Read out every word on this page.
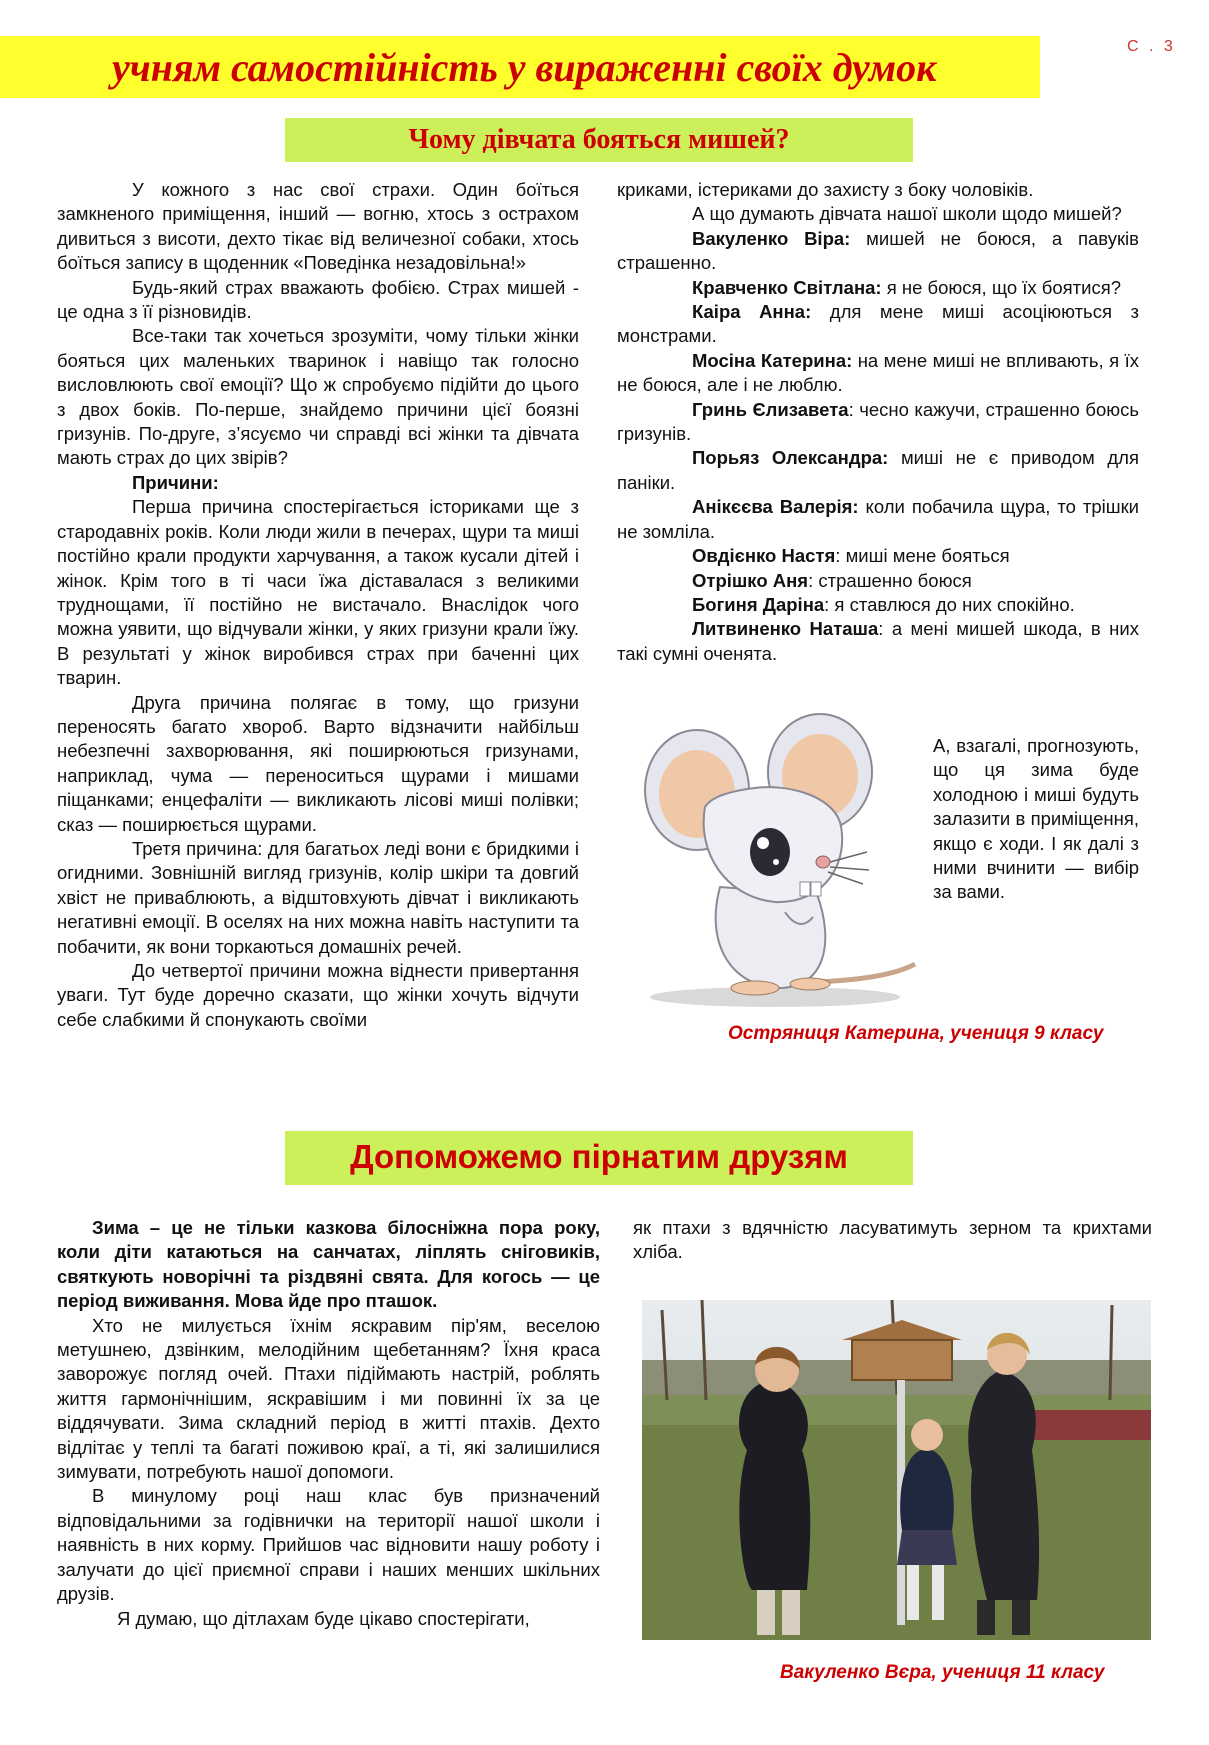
учням самостійність у вираженні своїх думок	С . 3
Чому дівчата бояться мишей?

У кожного з нас свої страхи. Один боїться замкненого приміщення, інший — вогню, хтось з острахом дивиться з висоти, дехто тікає від величезної собаки, хтось боїться запису в щоденник «Поведінка незадовільна!»

Будь-який страх вважають фобією. Страх мишей - це одна з її різновидів.

Все-таки так хочеться зрозуміти, чому тільки жінки бояться цих маленьких тваринок і навіщо так голосно висловлюють свої емоції? Що ж спробуємо підійти до цього з двох боків. По-перше, знайдемо причини цієї боязні гризунів. По-друге, з’ясуємо чи справді всі жінки та дівчата мають страх до цих звірів?

Причини:

Перша причина спостерігається істориками ще з стародавніх років. Коли люди жили в печерах, щури та миші постійно крали продукти харчування, а також кусали дітей і жінок. Крім того в ті часи їжа діставалася з великими труднощами, її постійно не вистачало. Внаслідок чого можна уявити, що відчували жінки, у яких гризуни крали їжу. В результаті у жінок виробився страх при баченні цих тварин.

Друга причина полягає в тому, що гризуни переносять багато хвороб. Варто відзначити найбільш небезпечні захворювання, які поширюються гризунами, наприклад, чума — переноситься щурами і мишами піщанками; енцефаліти — викликають лісові миші полівки; сказ — поширюється щурами.

Третя причина: для багатьох леді вони є бридкими і огидними. Зовнішній вигляд гризунів, колір шкіри та довгий хвіст не приваблюють, а відштовхують дівчат і викликають негативні емоції. В оселях на них можна навіть наступити та побачити, як вони торкаються домашніх речей.

До четвертої причини можна віднести привертання уваги. Тут буде доречно сказати, що жінки хочуть відчути себе слабкими й спонукають своїми

криками, істериками до захисту з боку чоловіків.

А що думають дівчата нашої школи щодо мишей?

Вакуленко Віра: мишей не боюся, а павуків страшенно.

Кравченко Світлана: я не боюся, що їх боятися?

Каіра Анна: для мене миші асоціюються з монстрами.

Мосіна Катерина: на мене миші не впливають, я їх не боюся, але і не люблю.

Гринь Єлизавета: чесно кажучи, страшенно боюсь гризунів.

Порьяз Олександра: миші не є приводом для паніки.

Анікєєва Валерія: коли побачила щура, то трішки не зомліла.

Овдієнко Настя: миші мене бояться

Отрішко Аня: страшенно боюся

Богиня Даріна: я ставлюся до них спокійно.

Литвиненко Наташа: а мені мишей шкода, в них такі сумні оченята.

А, взагалі, прогнозують, що ця зима буде холодною і миші будуть залазити в приміщення, якщо є ходи. І як далі з ними вчинити — вибір за вами.

Остряниця Катерина, учениця 9 класу
Допоможемо пірнатим друзям

Зима – це не тільки казкова білосніжна пора року, коли діти катаються на санчатах, ліплять сніговиків, святкують новорічні та різдвяні свята. Для когось — це період виживання. Мова йде про пташок.

Хто не милується їхнім яскравим пір'ям, веселою метушнею, дзвінким, мелодійним щебетанням? Їхня краса заворожує погляд очей. Птахи підіймають настрій, роблять життя гармонічнішим, яскравішим і ми повинні їх за це віддячувати. Зима складний період в житті птахів. Дехто відлітає у теплі та багаті поживою краї, а ті, які залишилися зимувати, потребують нашої допомоги.

В минулому році наш клас був призначений відповідальними за годівнички на території нашої школи і наявність в них корму. Прийшов час відновити нашу роботу і залучати до цієї приємної справи і наших менших шкільних друзів.

Я думаю, що дітлахам буде цікаво спостерігати,

як птахи з вдячністю ласуватимуть зерном та крихтами хліба.

Вакуленко Вєра, учениця 11 класу
